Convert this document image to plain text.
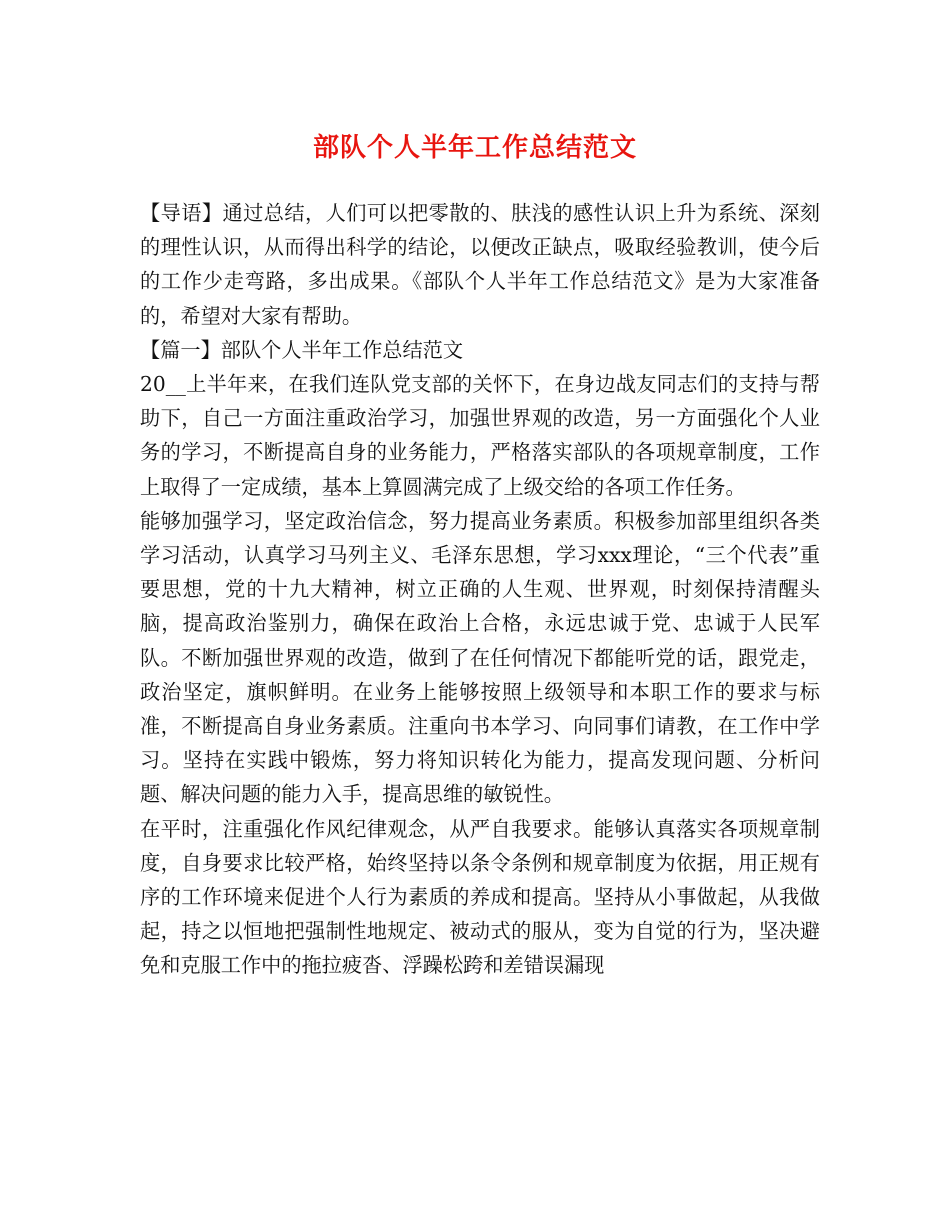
部队个人半年工作总结范文

【导语】通过总结，人们可以把零散的、肤浅的感性认识上升为系统、深刻的理性认识，从而得出科学的结论，以便改正缺点，吸取经验教训，使今后的工作少走弯路，多出成果。《部队个人半年工作总结范文》是为大家准备的，希望对大家有帮助。

【篇一】部队个人半年工作总结范文

20__上半年来，在我们连队党支部的关怀下，在身边战友同志们的支持与帮助下，自己一方面注重政治学习，加强世界观的改造，另一方面强化个人业务的学习，不断提高自身的业务能力，严格落实部队的各项规章制度，工作上取得了一定成绩，基本上算圆满完成了上级交给的各项工作任务。

能够加强学习，坚定政治信念，努力提高业务素质。积极参加部里组织各类学习活动，认真学习马列主义、毛泽东思想，学习xxx理论，“三个代表”重要思想，党的十九大精神，树立正确的人生观、世界观，时刻保持清醒头脑，提高政治鉴别力，确保在政治上合格，永远忠诚于党、忠诚于人民军队。不断加强世界观的改造，做到了在任何情况下都能听党的话，跟党走，政治坚定，旗帜鲜明。在业务上能够按照上级领导和本职工作的要求与标准，不断提高自身业务素质。注重向书本学习、向同事们请教，在工作中学习。坚持在实践中锻炼，努力将知识转化为能力，提高发现问题、分析问题、解决问题的能力入手，提高思维的敏锐性。

在平时，注重强化作风纪律观念，从严自我要求。能够认真落实各项规章制度，自身要求比较严格，始终坚持以条令条例和规章制度为依据，用正规有序的工作环境来促进个人行为素质的养成和提高。坚持从小事做起，从我做起，持之以恒地把强制性地规定、被动式的服从，变为自觉的行为，坚决避免和克服工作中的拖拉疲沓、浮躁松跨和差错误漏现
